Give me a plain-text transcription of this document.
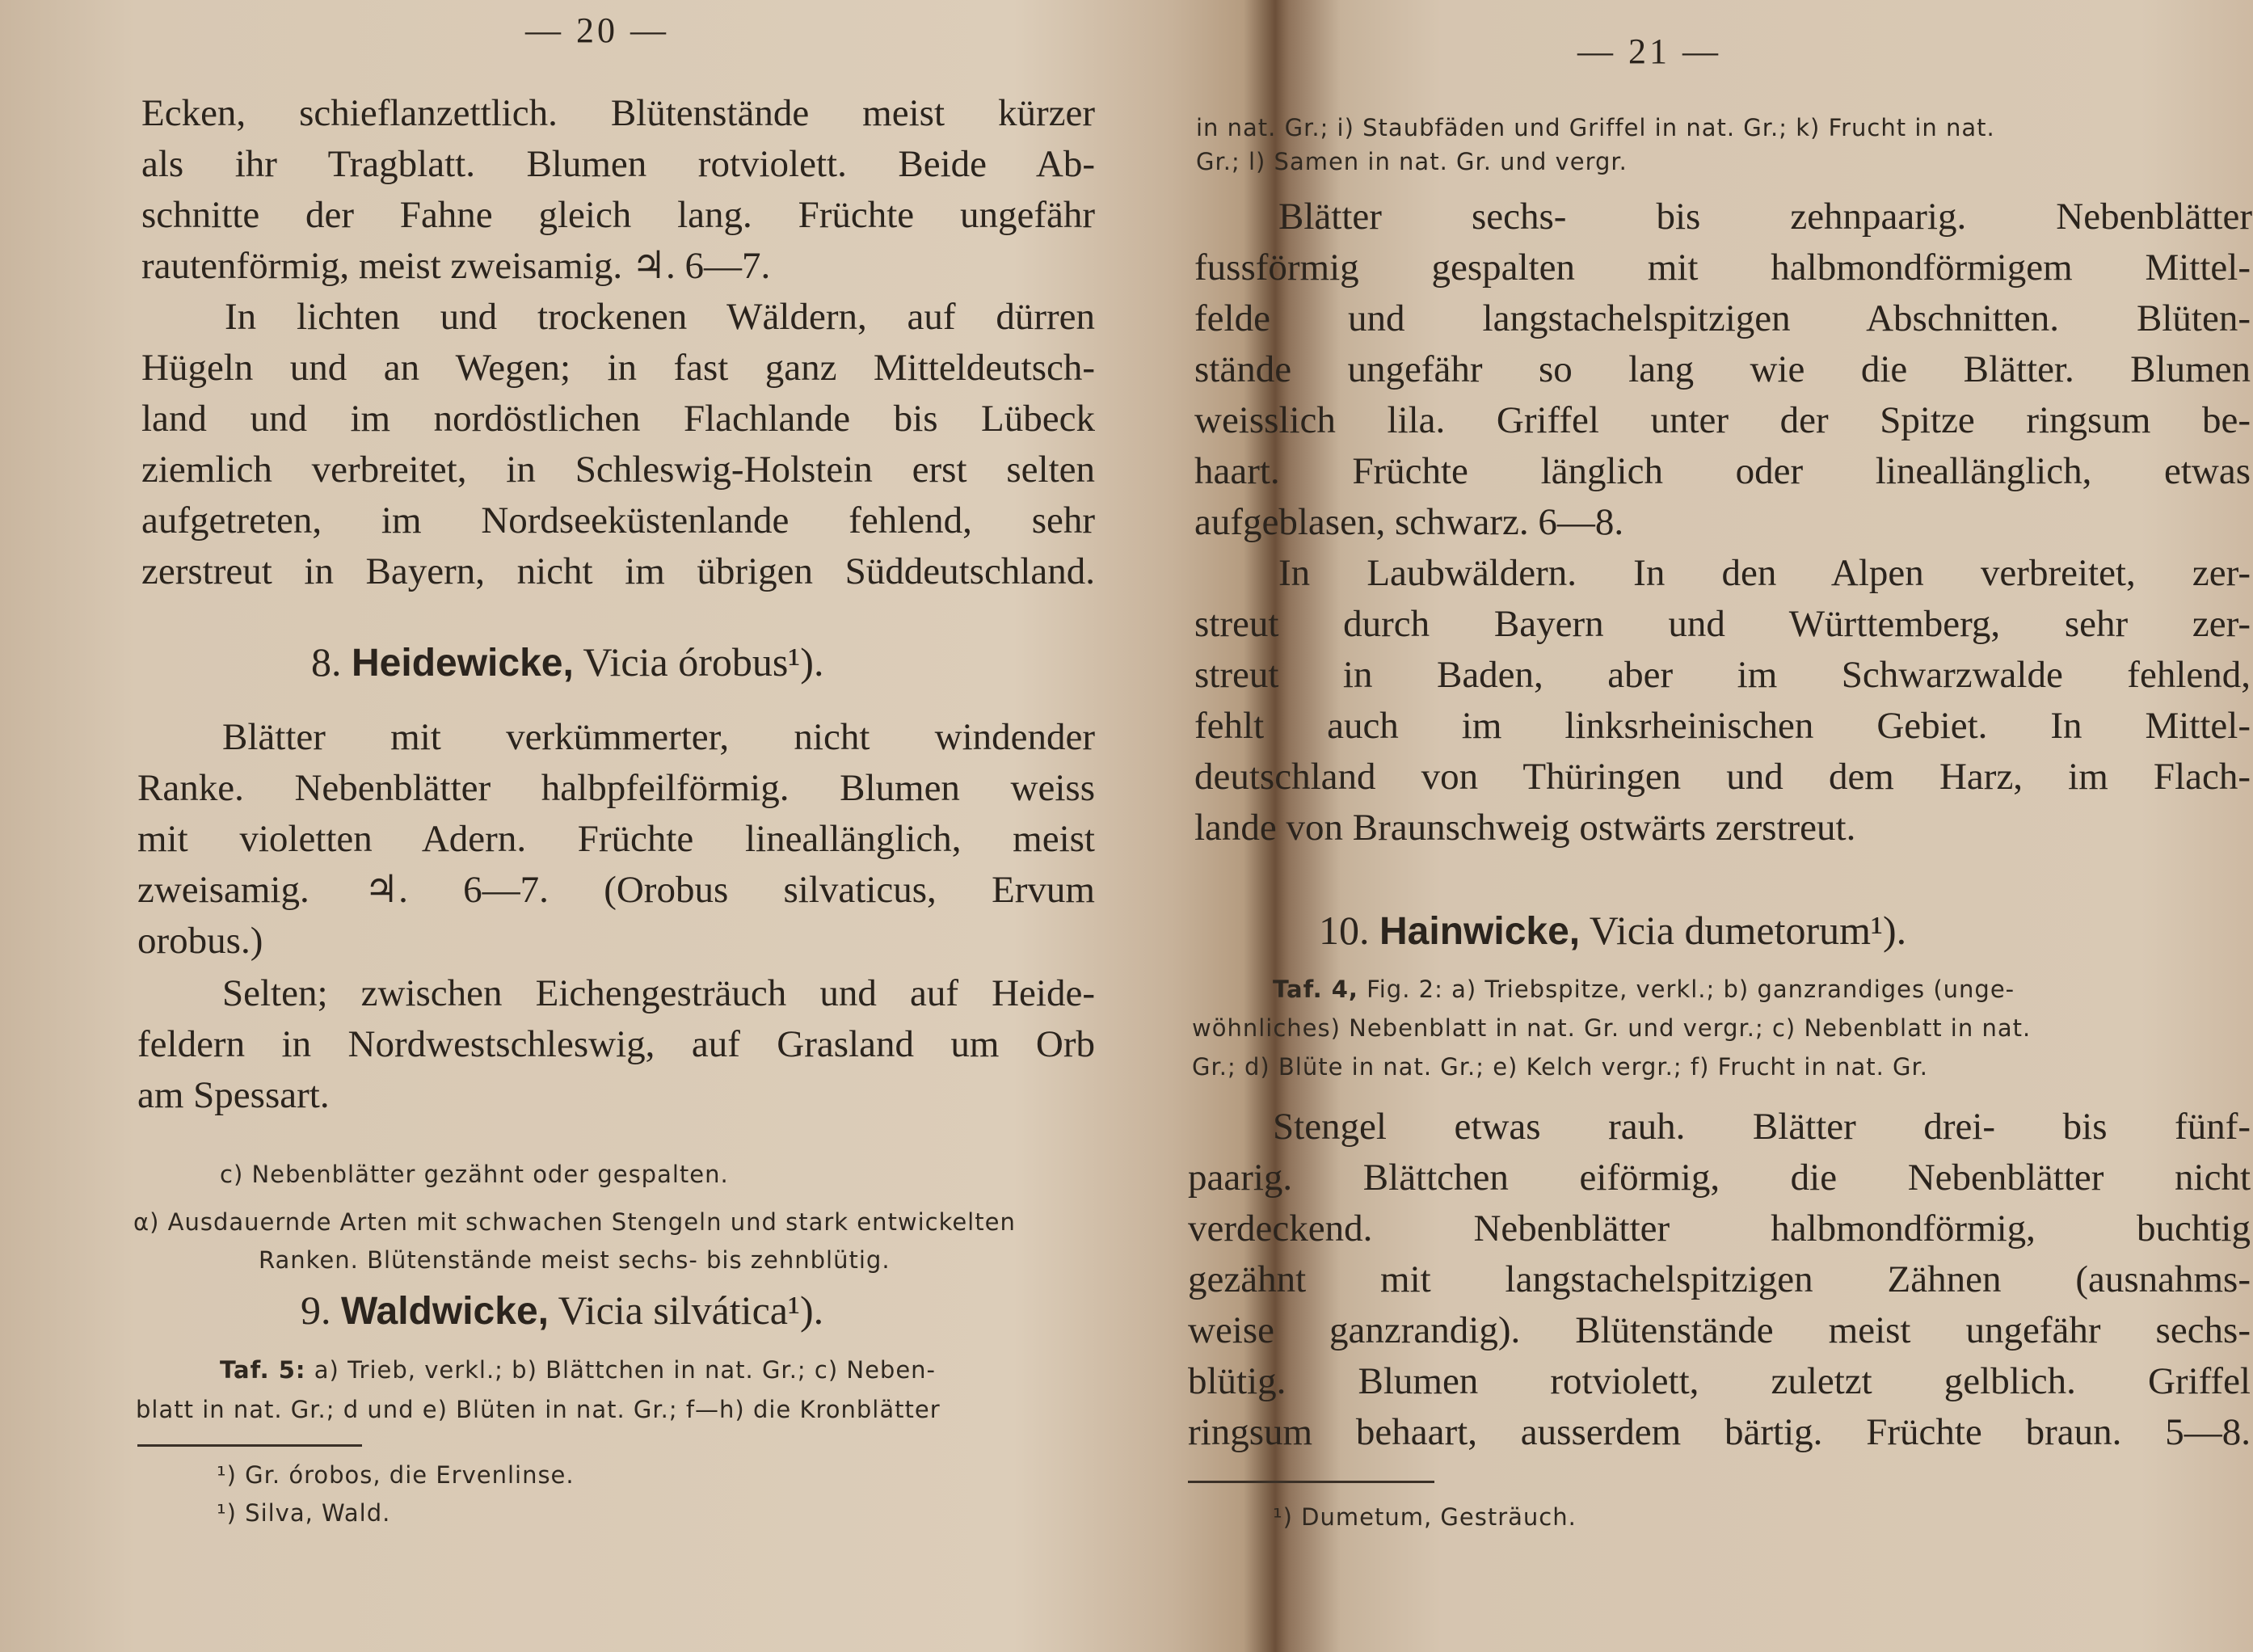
— 20 —
Ecken, schieflanzettlich. Blütenstände meist kürzer
als ihr Tragblatt. Blumen rotviolett. Beide Ab-
schnitte der Fahne gleich lang. Früchte ungefähr
rautenförmig, meist zweisamig. ♃. 6—7.
In lichten und trockenen Wäldern, auf dürren
Hügeln und an Wegen; in fast ganz Mitteldeutsch-
land und im nordöstlichen Flachlande bis Lübeck
ziemlich verbreitet, in Schleswig-Holstein erst selten
aufgetreten, im Nordseeküstenlande fehlend, sehr
zerstreut in Bayern, nicht im übrigen Süddeutschland.
8. Heidewicke, Vicia órobus¹).
Blätter mit verkümmerter, nicht windender
Ranke. Nebenblätter halbpfeilförmig. Blumen weiss
mit violetten Adern. Früchte lineallänglich, meist
zweisamig. ♃. 6—7. (Orobus silvaticus, Ervum
orobus.)
Selten; zwischen Eichengesträuch und auf Heide-
feldern in Nordwestschleswig, auf Grasland um Orb
am Spessart.
c) Nebenblätter gezähnt oder gespalten.
α) Ausdauernde Arten mit schwachen Stengeln und stark entwickelten
Ranken. Blütenstände meist sechs- bis zehnblütig.
9. Waldwicke, Vicia silvática¹).
Taf. 5: a) Trieb, verkl.; b) Blättchen in nat. Gr.; c) Neben-
blatt in nat. Gr.; d und e) Blüten in nat. Gr.; f—h) die Kronblätter
¹) Gr. órobos, die Ervenlinse.
¹) Silva, Wald.
— 21 —
in nat. Gr.; i) Staubfäden und Griffel in nat. Gr.; k) Frucht in nat.
Gr.; l) Samen in nat. Gr. und vergr.
Blätter sechs- bis zehnpaarig. Nebenblätter
fussförmig gespalten mit halbmondförmigem Mittel-
felde und langstachelspitzigen Abschnitten. Blüten-
stände ungefähr so lang wie die Blätter. Blumen
weisslich lila. Griffel unter der Spitze ringsum be-
haart. Früchte länglich oder lineallänglich, etwas
aufgeblasen, schwarz. 6—8.
In Laubwäldern. In den Alpen verbreitet, zer-
streut durch Bayern und Württemberg, sehr zer-
streut in Baden, aber im Schwarzwalde fehlend,
fehlt auch im linksrheinischen Gebiet. In Mittel-
deutschland von Thüringen und dem Harz, im Flach-
lande von Braunschweig ostwärts zerstreut.
10. Hainwicke, Vicia dumetorum¹).
Taf. 4, Fig. 2: a) Triebspitze, verkl.; b) ganzrandiges (unge-
wöhnliches) Nebenblatt in nat. Gr. und vergr.; c) Nebenblatt in nat.
Gr.; d) Blüte in nat. Gr.; e) Kelch vergr.; f) Frucht in nat. Gr.
Stengel etwas rauh. Blätter drei- bis fünf-
paarig. Blättchen eiförmig, die Nebenblätter nicht
verdeckend. Nebenblätter halbmondförmig, buchtig
gezähnt mit langstachelspitzigen Zähnen (ausnahms-
weise ganzrandig). Blütenstände meist ungefähr sechs-
blütig. Blumen rotviolett, zuletzt gelblich. Griffel
ringsum behaart, ausserdem bärtig. Früchte braun. 5—8.
¹) Dumetum, Gesträuch.
